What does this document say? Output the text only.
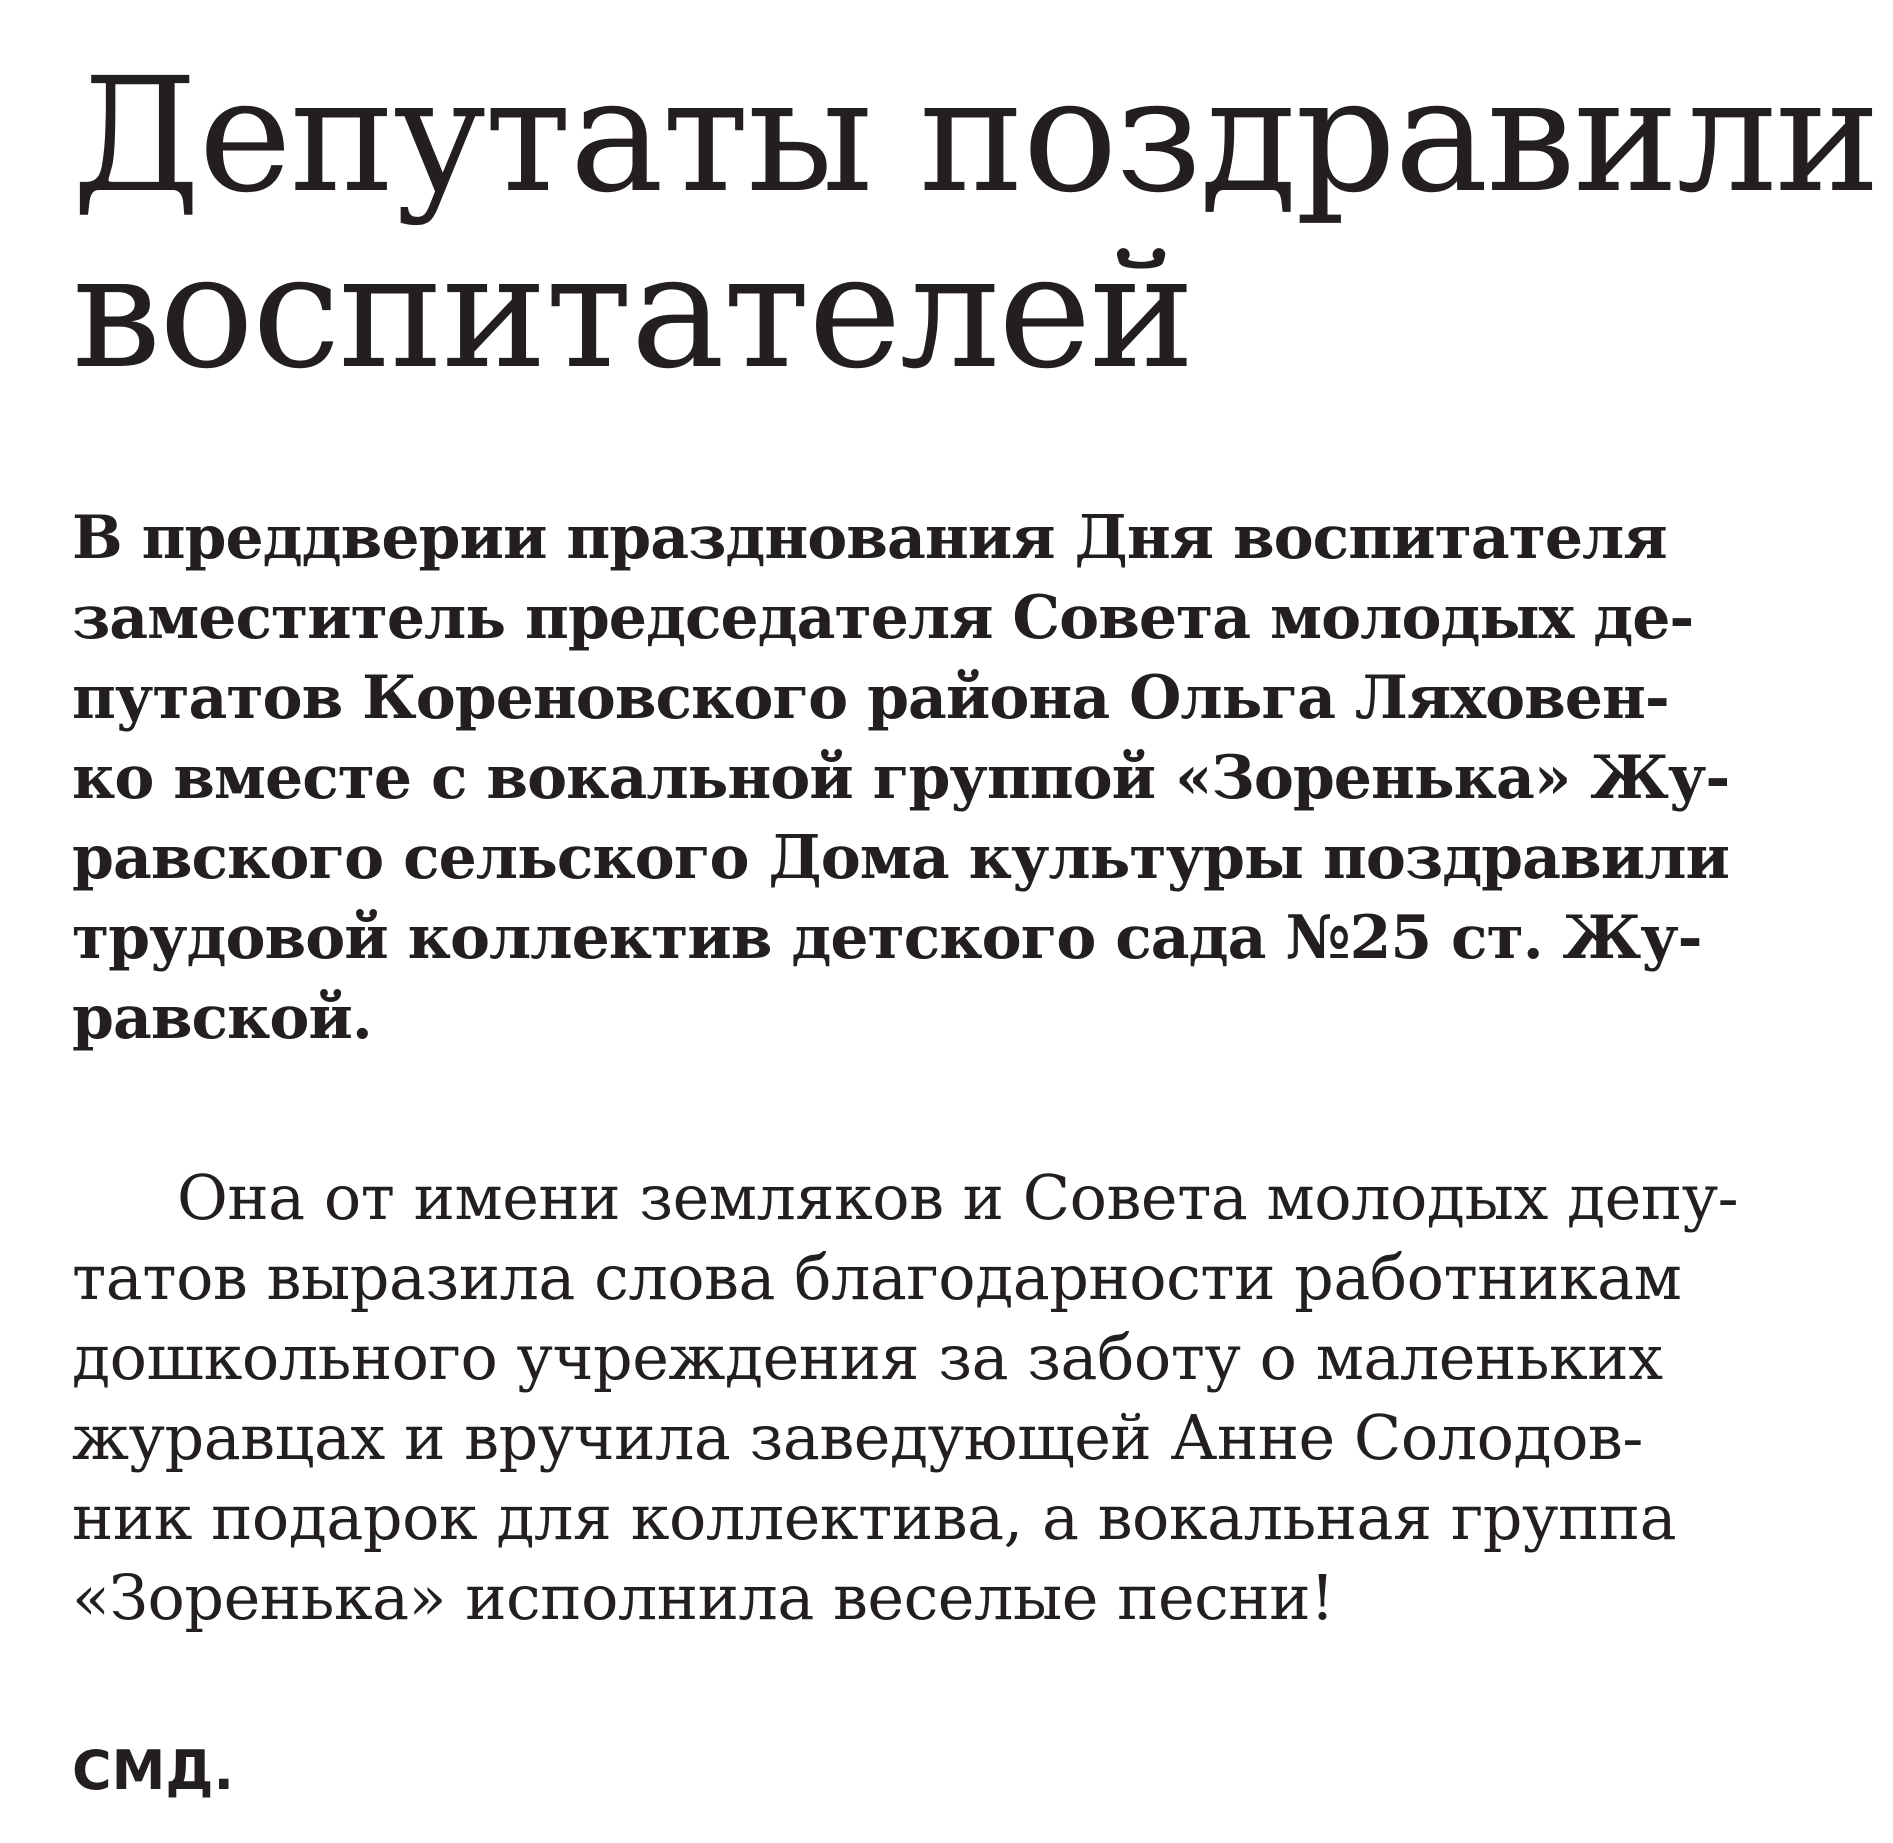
Депутаты поздравили
воспитателей

В преддверии празднования Дня воспитателя
заместитель председателя Совета молодых де-
путатов Кореновского района Ольга Ляховен-
ко вместе с вокальной группой «Зоренька» Жу-
равского сельского Дома культуры поздравили
трудовой коллектив детского сада №25 ст. Жу-
равской.

Она от имени земляков и Совета молодых депу-
татов выразила слова благодарности работникам
дошкольного учреждения за заботу о маленьких
журавцах и вручила заведующей Анне Солодов-
ник подарок для коллектива, а вокальная группа
«Зоренька» исполнила веселые песни!

СМД.
